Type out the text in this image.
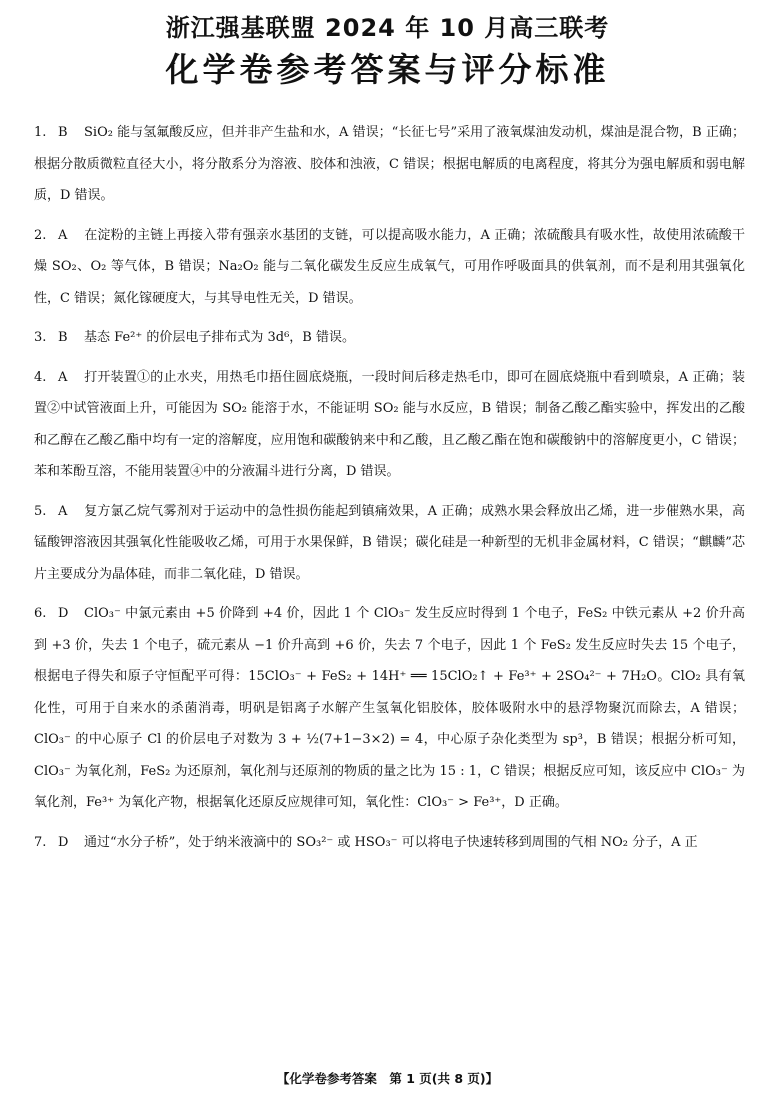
浙江强基联盟 2024 年 10 月高三联考
化学卷参考答案与评分标准
1. B SiO₂ 能与氢氟酸反应，但并非产生盐和水，A 错误；“长征七号”采用了液氧煤油发动机，煤油是混合物，B 正确；根据分散质微粒直径大小，将分散系分为溶液、胶体和浊液，C 错误；根据电解质的电离程度，将其分为强电解质和弱电解质，D 错误。
2. A 在淀粉的主链上再接入带有强亲水基团的支链，可以提高吸水能力，A 正确；浓硫酸具有吸水性，故使用浓硫酸干燥 SO₂、O₂ 等气体，B 错误；Na₂O₂ 能与二氧化碳发生反应生成氧气，可用作呼吸面具的供氧剂，而不是利用其强氧化性，C 错误；氮化镓硬度大，与其导电性无关，D 错误。
3. B 基态 Fe²⁺ 的价层电子排布式为 3d⁶，B 错误。
4. A 打开装置①的止水夹，用热毛巾捂住圆底烧瓶，一段时间后移走热毛巾，即可在圆底烧瓶中看到喷泉，A 正确；装置②中试管液面上升，可能因为 SO₂ 能溶于水，不能证明 SO₂ 能与水反应，B 错误；制备乙酸乙酯实验中，挥发出的乙酸和乙醇在乙酸乙酯中均有一定的溶解度，应用饱和碳酸钠来中和乙酸，且乙酸乙酯在饱和碳酸钠中的溶解度更小，C 错误；苯和苯酚互溶，不能用装置④中的分液漏斗进行分离，D 错误。
5. A 复方氯乙烷气雾剂对于运动中的急性损伤能起到镇痛效果，A 正确；成熟水果会释放出乙烯，进一步催熟水果，高锰酸钾溶液因其强氧化性能吸收乙烯，可用于水果保鲜，B 错误；碳化硅是一种新型的无机非金属材料，C 错误；“麒麟”芯片主要成分为晶体硅，而非二氧化硅，D 错误。
6. D ClO₃⁻ 中氯元素由 +5 价降到 +4 价，因此 1 个 ClO₃⁻ 发生反应时得到 1 个电子，FeS₂ 中铁元素从 +2 价升高到 +3 价，失去 1 个电子，硫元素从 −1 价升高到 +6 价，失去 7 个电子，因此 1 个 FeS₂ 发生反应时失去 15 个电子，根据电子得失和原子守恒配平可得：15ClO₃⁻ + FeS₂ + 14H⁺ ══ 15ClO₂↑ + Fe³⁺ + 2SO₄²⁻ + 7H₂O。ClO₂ 具有氧化性，可用于自来水的杀菌消毒，明矾是铝离子水解产生氢氧化铝胶体，胶体吸附水中的悬浮物聚沉而除去，A 错误；ClO₃⁻ 的中心原子 Cl 的价层电子对数为 3 + ½(7+1−3×2) = 4，中心原子杂化类型为 sp³，B 错误；根据分析可知，ClO₃⁻ 为氧化剂，FeS₂ 为还原剂，氧化剂与还原剂的物质的量之比为 15 : 1，C 错误；根据反应可知，该反应中 ClO₃⁻ 为氧化剂，Fe³⁺ 为氧化产物，根据氧化还原反应规律可知，氧化性：ClO₃⁻ > Fe³⁺，D 正确。
7. D 通过“水分子桥”，处于纳米液滴中的 SO₃²⁻ 或 HSO₃⁻ 可以将电子快速转移到周围的气相 NO₂ 分子，A 正
【化学卷参考答案　第 1 页(共 8 页)】
